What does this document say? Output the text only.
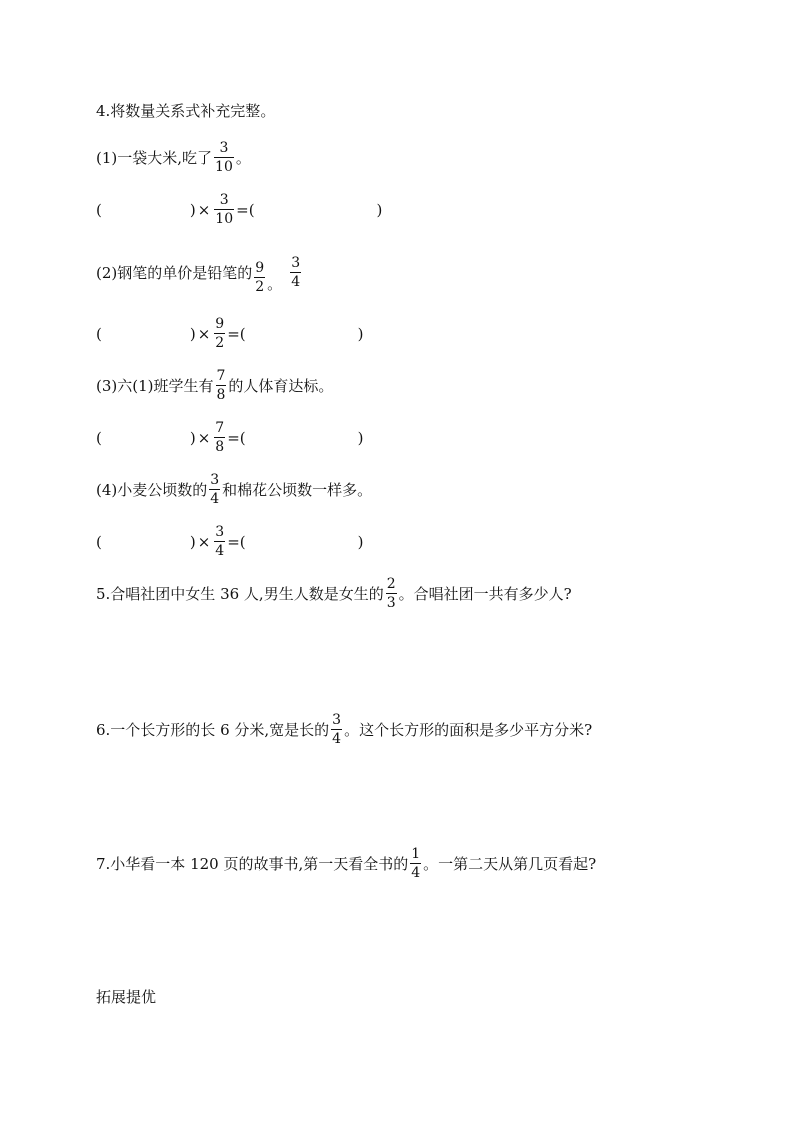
4.将数量关系式补充完整。
(1)一袋大米,吃了 $\frac{3}{10}$ 。
(	) × $\frac{3}{10}$ =(	)
(2)钢笔的单价是铅笔的 $\frac{9}{2}$ 。 $\frac{3}{4}$
(	) × $\frac{9}{2}$ =(	)
(3)六(1)班学生有 $\frac{7}{8}$ 的人体育达标。
(	) × $\frac{7}{8}$ =(	)
(4)小麦公顷数的 $\frac{3}{4}$ 和棉花公顷数一样多。
(	) × $\frac{3}{4}$ =(	)
5.合唱社团中女生 36 人,男生人数是女生的 $\frac{2}{3}$ 。合唱社团一共有多少人?
6.一个长方形的长 6 分米,宽是长的 $\frac{3}{4}$ 。这个长方形的面积是多少平方分米?
7.小华看一本 120 页的故事书,第一天看全书的 $\frac{1}{4}$ 。一第二天从第几页看起?
拓展提优
